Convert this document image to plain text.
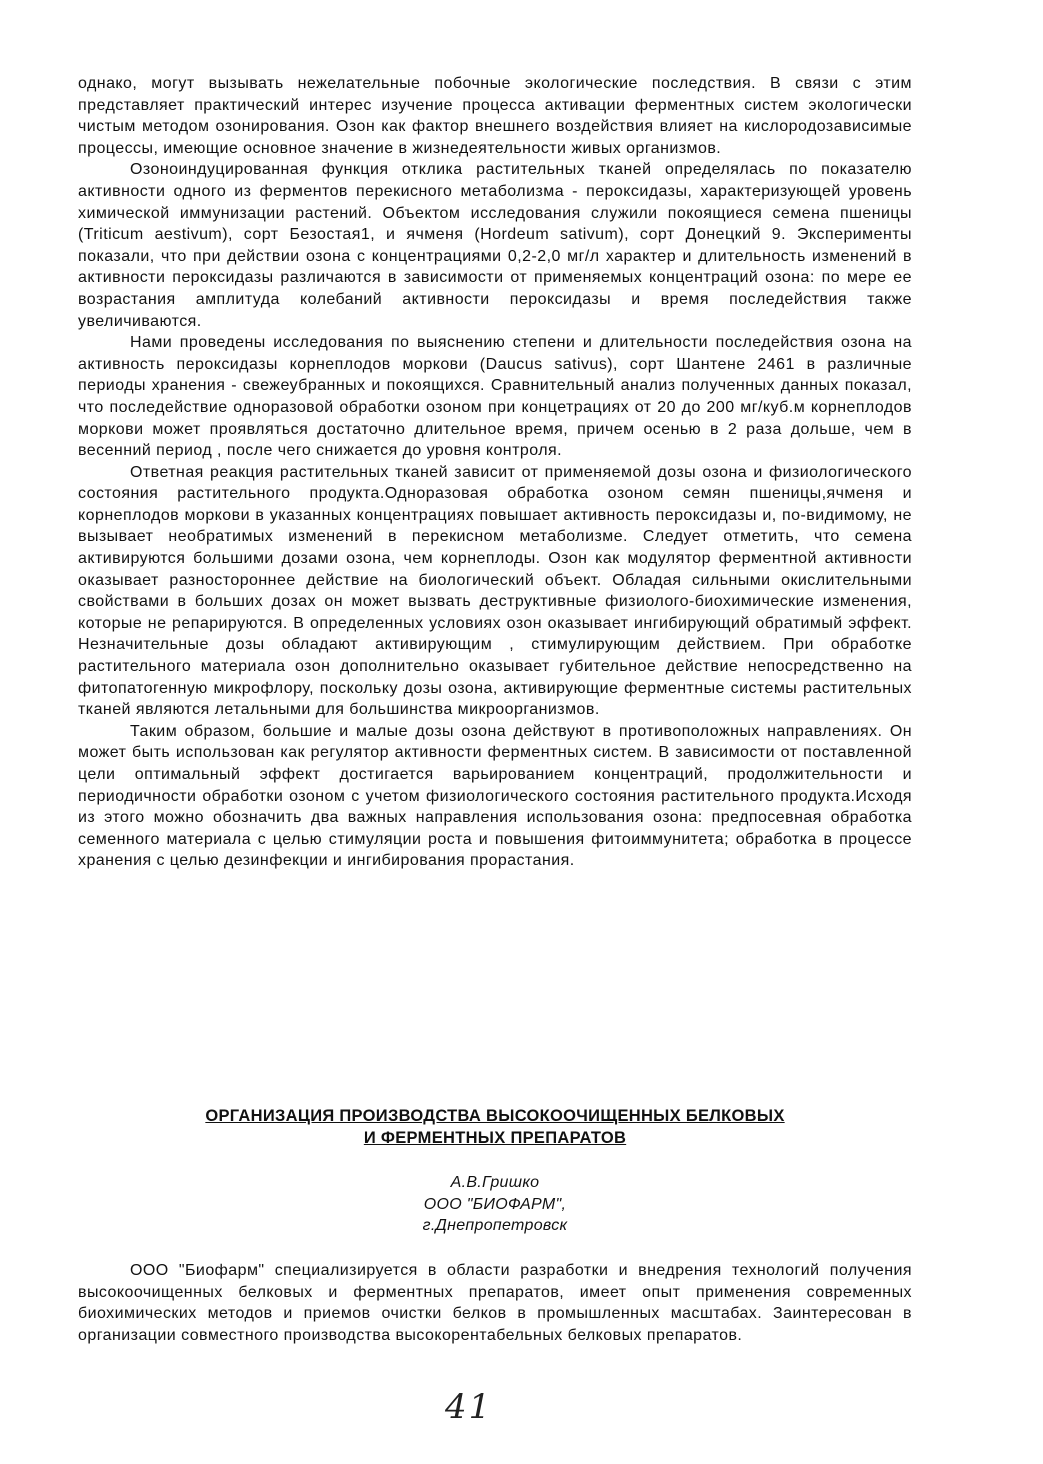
однако, могут вызывать нежелательные побочные экологические последствия. В связи с этим представляет практический интерес изучение процесса активации ферментных систем экологически чистым методом озонирования. Озон как фактор внешнего воздействия влияет на кислородозависимые процессы, имеющие основное значение в жизнедеятельности живых организмов.

Озоноиндуцированная функция отклика растительных тканей определялась по показателю активности одного из ферментов перекисного метаболизма - пероксидазы, характеризующей уровень химической иммунизации растений. Объектом исследования служили покоящиеся семена пшеницы (Triticum aestivum), сорт Безостая1, и ячменя (Hordeum sativum), сорт Донецкий 9. Эксперименты показали, что при действии озона с концентрациями 0,2-2,0 мг/л характер и длительность изменений в активности пероксидазы различаются в зависимости от применяемых концентраций озона: по мере ее возрастания амплитуда колебаний активности пероксидазы и время последействия также увеличиваются.

Нами проведены исследования по выяснению степени и длительности последействия озона на активность пероксидазы корнеплодов моркови (Daucus sativus), сорт Шантене 2461 в различные периоды хранения - свежеубранных и покоящихся. Сравнительный анализ полученных данных показал, что последействие одноразовой обработки озоном при концетрациях от 20 до 200 мг/куб.м корнеплодов моркови может проявляться достаточно длительное время, причем осенью в 2 раза дольше, чем в весенний период , после чего снижается до уровня контроля.

Ответная реакция растительных тканей зависит от применяемой дозы озона и физиологического состояния растительного продукта.Одноразовая обработка озоном семян пшеницы,ячменя и корнеплодов моркови в указанных концентрациях повышает активность пероксидазы и, по-видимому, не вызывает необратимых изменений в перекисном метаболизме. Следует отметить, что семена активируются большими дозами озона, чем корнеплоды. Озон как модулятор ферментной активности оказывает разностороннее действие на биологический объект. Обладая сильными окислительными свойствами в больших дозах он может вызвать деструктивные физиолого-биохимические изменения, которые не репарируются. В определенных условиях озон оказывает ингибирующий обратимый эффект. Незначительные дозы обладают активирующим , стимулирующим действием. При обработке растительного материала озон дополнительно оказывает губительное действие непосредственно на фитопатогенную микрофлору, поскольку дозы озона, активирующие ферментные системы растительных тканей являются летальными для большинства микроорганизмов.

Таким образом, большие и малые дозы озона действуют в противоположных направлениях. Он может быть использован как регулятор активности ферментных систем. В зависимости от поставленной цели оптимальный эффект достигается варьированием концентраций, продолжительности и периодичности обработки озоном с учетом физиологического состояния растительного продукта.Исходя из этого можно обозначить два важных направления использования озона: предпосевная обработка семенного материала с целью стимуляции роста и повышения фитоиммунитета; обработка в процессе хранения с целью дезинфекции и ингибирования прорастания.

ОРГАНИЗАЦИЯ ПРОИЗВОДСТВА ВЫСОКООЧИЩЕННЫХ БЕЛКОВЫХ
И ФЕРМЕНТНЫХ ПРЕПАРАТОВ
А.В.Гришко
ООО "БИОФАРМ",
г.Днепропетровск

ООО "Биофарм" специализируется в области разработки и внедрения технологий получения высокоочищенных белковых и ферментных препаратов, имеет опыт применения современных биохимических методов и приемов очистки белков в промышленных масштабах. Заинтересован в организации совместного производства высокорентабельных белковых препаратов.

41
